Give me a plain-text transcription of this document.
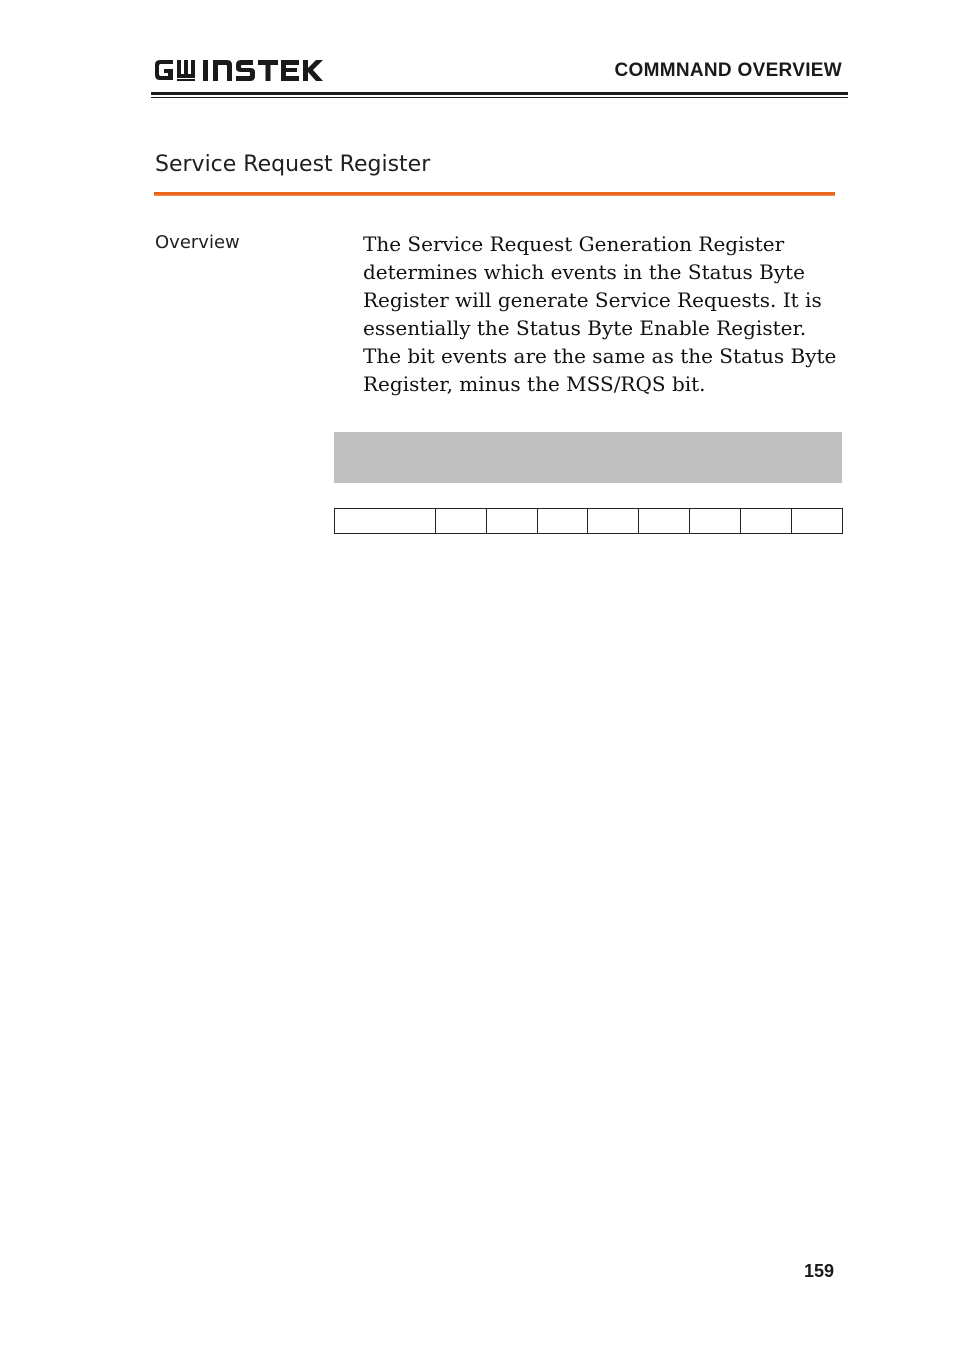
COMMNAND OVERVIEW
Service Request Register
Overview	The Service Request Generation Register determines which events in the Status Byte Register will generate Service Requests. It is essentially the Status Byte Enable Register. The bit events are the same as the Status Byte Register, minus the MSS/RQS bit.

159
